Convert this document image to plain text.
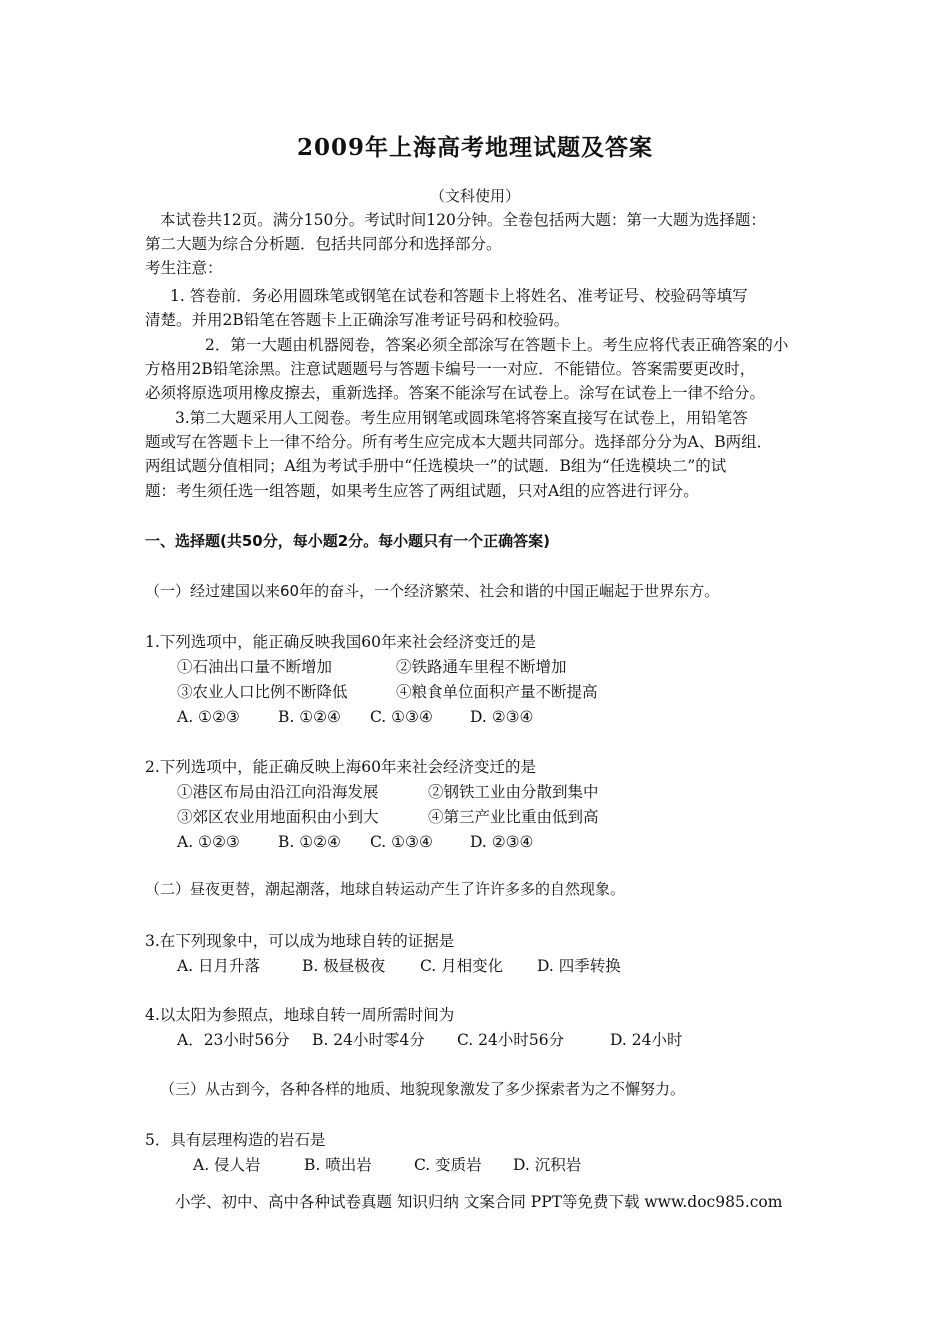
2009年上海高考地理试题及答案
（文科使用）
本试卷共12页。满分150分。考试时间120分钟。全卷包括两大题：第一大题为选择题：
第二大题为综合分析题．包括共同部分和选择部分。
考生注意：
1. 答卷前．务必用圆珠笔或钢笔在试卷和答题卡上将姓名、准考证号、校验码等填写
清楚。并用2B铅笔在答题卡上正确涂写准考证号码和校验码。
2．第一大题由机器阅卷，答案必须全部涂写在答题卡上。考生应将代表正确答案的小
方格用2B铅笔涂黑。注意试题题号与答题卡编号一一对应．不能错位。答案需要更改时，
必须将原选项用橡皮擦去，重新选择。答案不能涂写在试卷上。涂写在试卷上一律不给分。
3.第二大题采用人工阅卷。考生应用钢笔或圆珠笔将答案直接写在试卷上，用铅笔答
题或写在答题卡上一律不给分。所有考生应完成本大题共同部分。选择部分分为A、B两组．
两组试题分值相同；A组为考试手册中“任选模块一”的试题．B组为“任选模块二”的试
题：考生须任选一组答题，如果考生应答了两组试题，只对A组的应答进行评分。
一、选择题(共50分，每小题2分。每小题只有一个正确答案)
（一）经过建国以来60年的奋斗，一个经济繁荣、社会和谐的中国正崛起于世界东方。
1.下列选项中，能正确反映我国60年来社会经济变迁的是
①石油出口量不断增加	②铁路通车里程不断增加
③农业人口比例不断降低	④粮食单位面积产量不断提高
A. ①②③ B. ①②④ C. ①③④ D. ②③④
2.下列选项中，能正确反映上海60年来社会经济变迁的是
①港区布局由沿江向沿海发展	②钢铁工业由分散到集中
③郊区农业用地面积由小到大	④第三产业比重由低到高
A. ①②③ B. ①②④ C. ①③④ D. ②③④
（二）昼夜更替，潮起潮落，地球自转运动产生了许许多多的自然现象。
3.在下列现象中，可以成为地球自转的证据是
A. 日月升落	B. 极昼极夜 C. 月相变化 D. 四季转换
4.以太阳为参照点，地球自转一周所需时间为
A．23小时56分 B. 24小时零4分 C. 24小时56分	D. 24小时
（三）从古到今，各种各样的地质、地貌现象激发了多少探索者为之不懈努力。
5．具有层理构造的岩石是
A. 侵人岩	B. 喷出岩	C. 变质岩 D. 沉积岩
小学、初中、高中各种试卷真题 知识归纳 文案合同 PPT等免费下载 www.doc985.com
